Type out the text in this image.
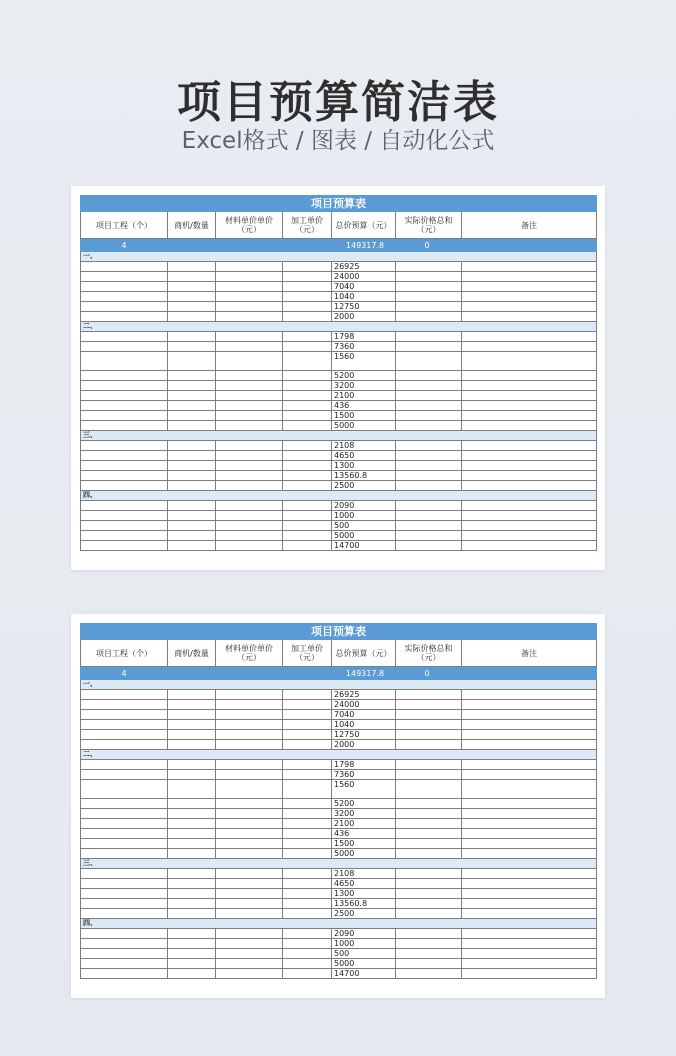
项目预算简洁表
Excel格式 / 图表 / 自动化公式
项目预算表						
项目工程（个）	商机/数量	材料单价单价（元）	加工单价（元）	总价预算（元）	实际价格总和（元）	备注
4				149317.8 0		
一、						
				26925		
				24000		
				7040		
				1040		
				12750		
				2000		
二、						
				1798		
				7360		
				1560		
				5200		
				3200		
				2100		
				436		
				1500		
				5000		
三、						
				2108		
				4650		
				1300		
				13560.8		
				2500		
四、						
				2090		
				1000		
				500		
				5000		
				14700		
项目预算表						
项目工程（个）	商机/数量	材料单价单价（元）	加工单价（元）	总价预算（元）	实际价格总和（元）	备注
4				149317.8 0		
一、						
				26925		
				24000		
				7040		
				1040		
				12750		
				2000		
二、						
				1798		
				7360		
				1560		
				5200		
				3200		
				2100		
				436		
				1500		
				5000		
三、						
				2108		
				4650		
				1300		
				13560.8		
				2500		
四、						
				2090		
				1000		
				500		
				5000		
				14700		
